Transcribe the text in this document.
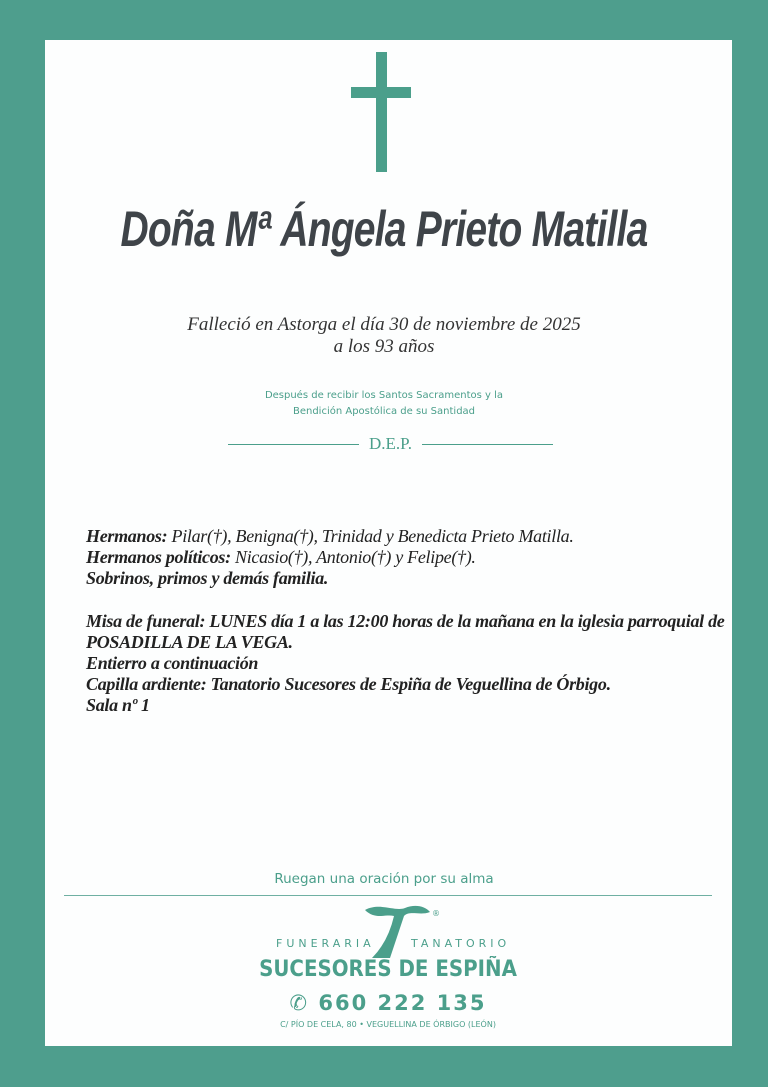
Doña Mª Ángela Prieto Matilla
Falleció en Astorga el día 30 de noviembre de 2025
a los 93 años
Después de recibir los Santos Sacramentos y la
Bendición Apostólica de su Santidad
D.E.P.

Hermanos: Pilar(†), Benigna(†), Trinidad y Benedicta Prieto Matilla.

Hermanos políticos: Nicasio(†), Antonio(†) y Felipe(†).

Sobrinos, primos y demás familia.

Misa de funeral: LUNES día 1 a las 12:00 horas de la mañana en la iglesia parroquial de POSADILLA DE LA VEGA.

Entierro a continuación

Capilla ardiente: Tanatorio Sucesores de Espiña de Veguellina de Órbigo.

Sala nº 1

Ruegan una oración por su alma
®
FUNERARIA	TANATORIO
SUCESORES DE ESPIÑA
✆ 660 222 135
C/ PÍO DE CELA, 80 • VEGUELLINA DE ÓRBIGO (LEÓN)
